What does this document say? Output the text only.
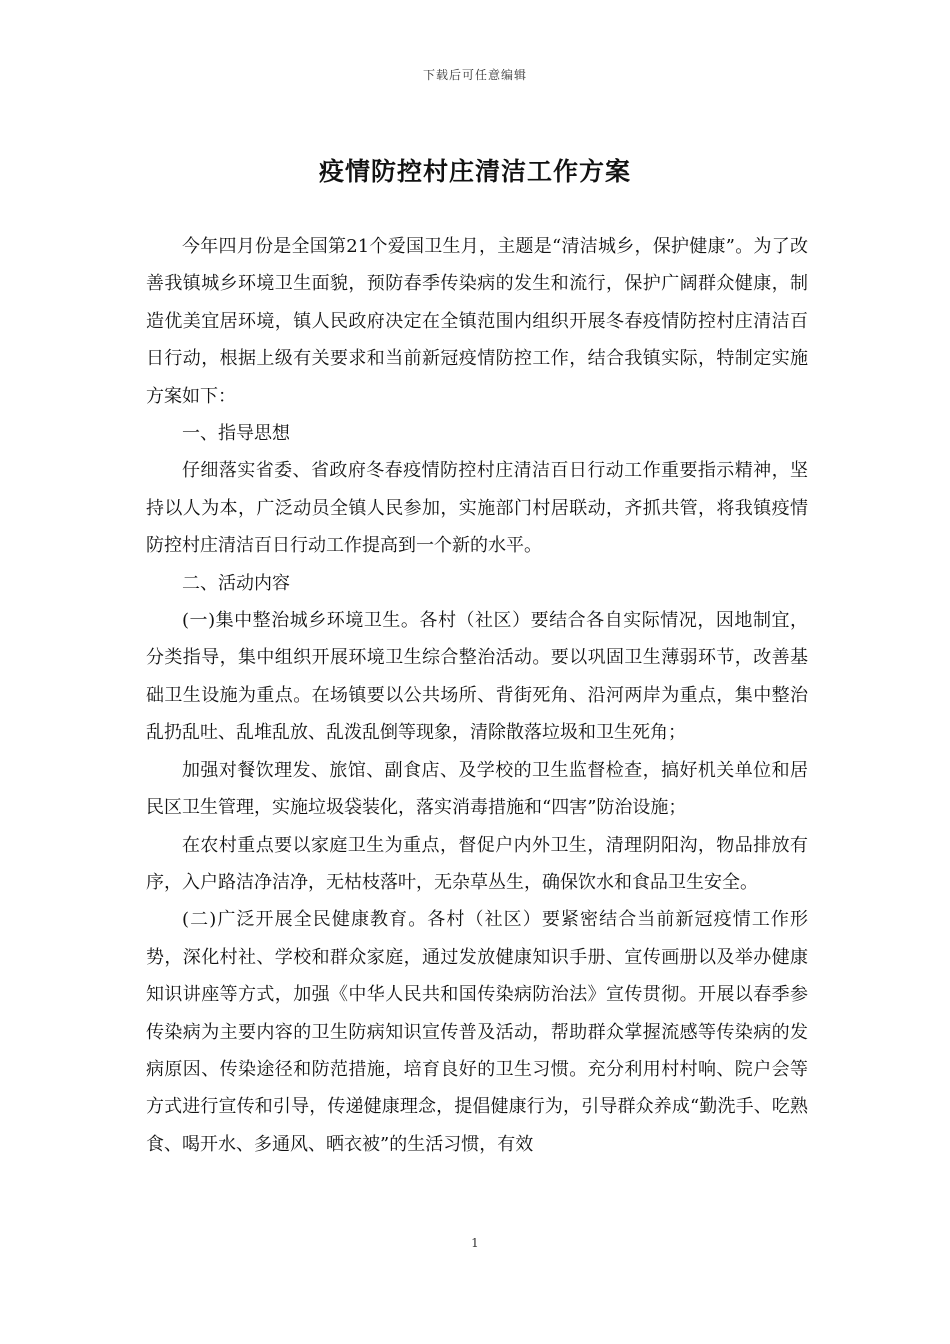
下载后可任意编辑
疫情防控村庄清洁工作方案

今年四月份是全国第21个爱国卫生月，主题是“清洁城乡，保护健康”。为了改善我镇城乡环境卫生面貌，预防春季传染病的发生和流行，保护广阔群众健康，制造优美宜居环境，镇人民政府决定在全镇范围内组织开展冬春疫情防控村庄清洁百日行动，根据上级有关要求和当前新冠疫情防控工作，结合我镇实际，特制定实施方案如下：

一、指导思想

仔细落实省委、省政府冬春疫情防控村庄清洁百日行动工作重要指示精神，坚持以人为本，广泛动员全镇人民参加，实施部门村居联动，齐抓共管，将我镇疫情防控村庄清洁百日行动工作提高到一个新的水平。

二、活动内容

(一)集中整治城乡环境卫生。各村（社区）要结合各自实际情况，因地制宜，分类指导，集中组织开展环境卫生综合整治活动。要以巩固卫生薄弱环节，改善基础卫生设施为重点。在场镇要以公共场所、背街死角、沿河两岸为重点，集中整治乱扔乱吐、乱堆乱放、乱泼乱倒等现象，清除散落垃圾和卫生死角；

加强对餐饮理发、旅馆、副食店、及学校的卫生监督检查，搞好机关单位和居民区卫生管理，实施垃圾袋装化，落实消毒措施和“四害”防治设施；

在农村重点要以家庭卫生为重点，督促户内外卫生，清理阴阳沟，物品排放有序，入户路洁净洁净，无枯枝落叶，无杂草丛生，确保饮水和食品卫生安全。

(二)广泛开展全民健康教育。各村（社区）要紧密结合当前新冠疫情工作形势，深化村社、学校和群众家庭，通过发放健康知识手册、宣传画册以及举办健康知识讲座等方式，加强《中华人民共和国传染病防治法》宣传贯彻。开展以春季参传染病为主要内容的卫生防病知识宣传普及活动，帮助群众掌握流感等传染病的发病原因、传染途径和防范措施，培育良好的卫生习惯。充分利用村村响、院户会等方式进行宣传和引导，传递健康理念，提倡健康行为，引导群众养成“勤洗手、吃熟食、喝开水、多通风、晒衣被”的生活习惯，有效

1
